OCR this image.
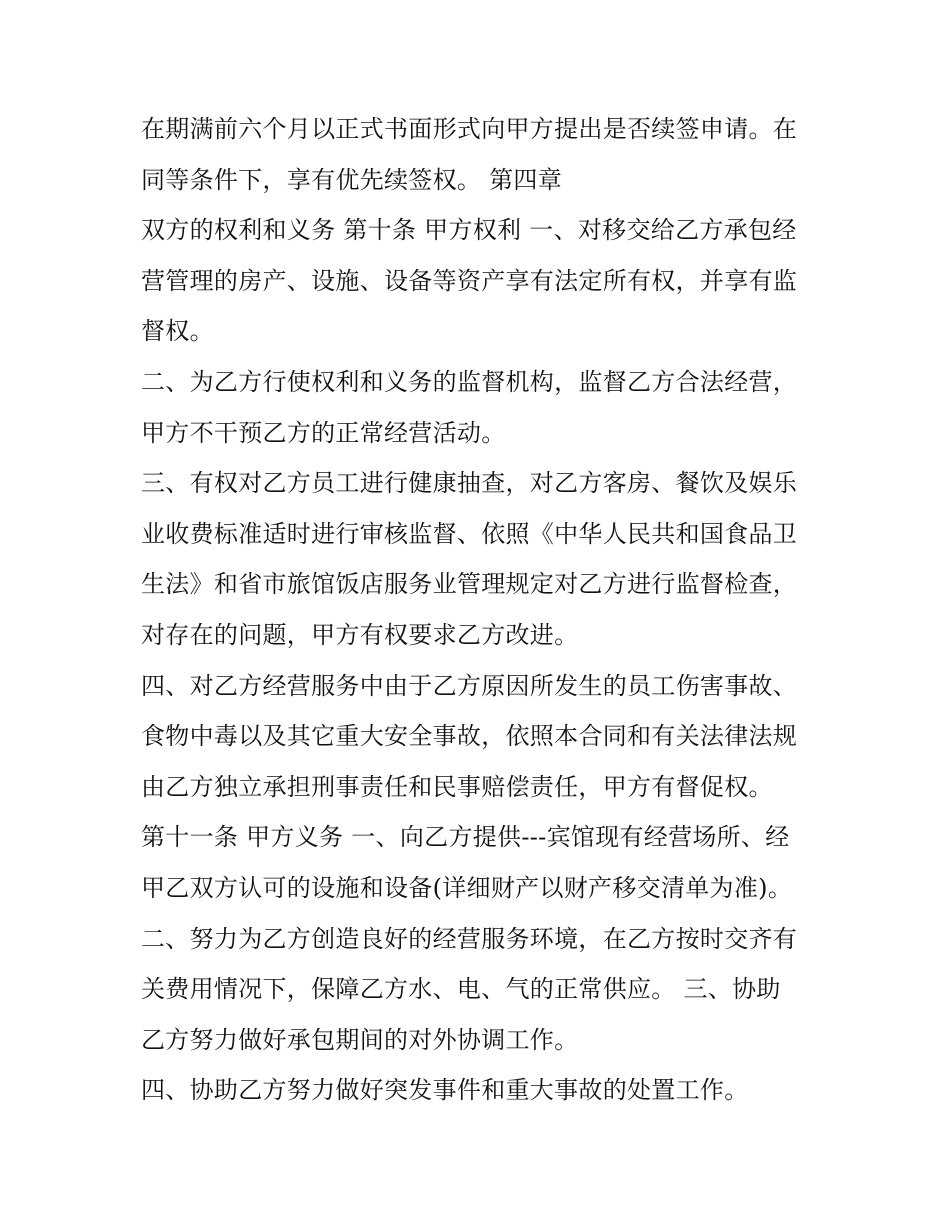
在期满前六个月以正式书面形式向甲方提出是否续签申请。在
同等条件下，享有优先续签权。 第四章
双方的权利和义务 第十条 甲方权利 一、对移交给乙方承包经
营管理的房产、设施、设备等资产享有法定所有权，并享有监
督权。
二、为乙方行使权利和义务的监督机构，监督乙方合法经营，
甲方不干预乙方的正常经营活动。
三、有权对乙方员工进行健康抽查，对乙方客房、餐饮及娱乐
业收费标准适时进行审核监督、依照《中华人民共和国食品卫
生法》和省市旅馆饭店服务业管理规定对乙方进行监督检查，
对存在的问题，甲方有权要求乙方改进。
四、对乙方经营服务中由于乙方原因所发生的员工伤害事故、
食物中毒以及其它重大安全事故，依照本合同和有关法律法规
由乙方独立承担刑事责任和民事赔偿责任，甲方有督促权。
第十一条 甲方义务 一、向乙方提供---宾馆现有经营场所、经
甲乙双方认可的设施和设备(详细财产以财产移交清单为准)。
二、努力为乙方创造良好的经营服务环境，在乙方按时交齐有
关费用情况下，保障乙方水、电、气的正常供应。 三、协助
乙方努力做好承包期间的对外协调工作。
四、协助乙方努力做好突发事件和重大事故的处置工作。
